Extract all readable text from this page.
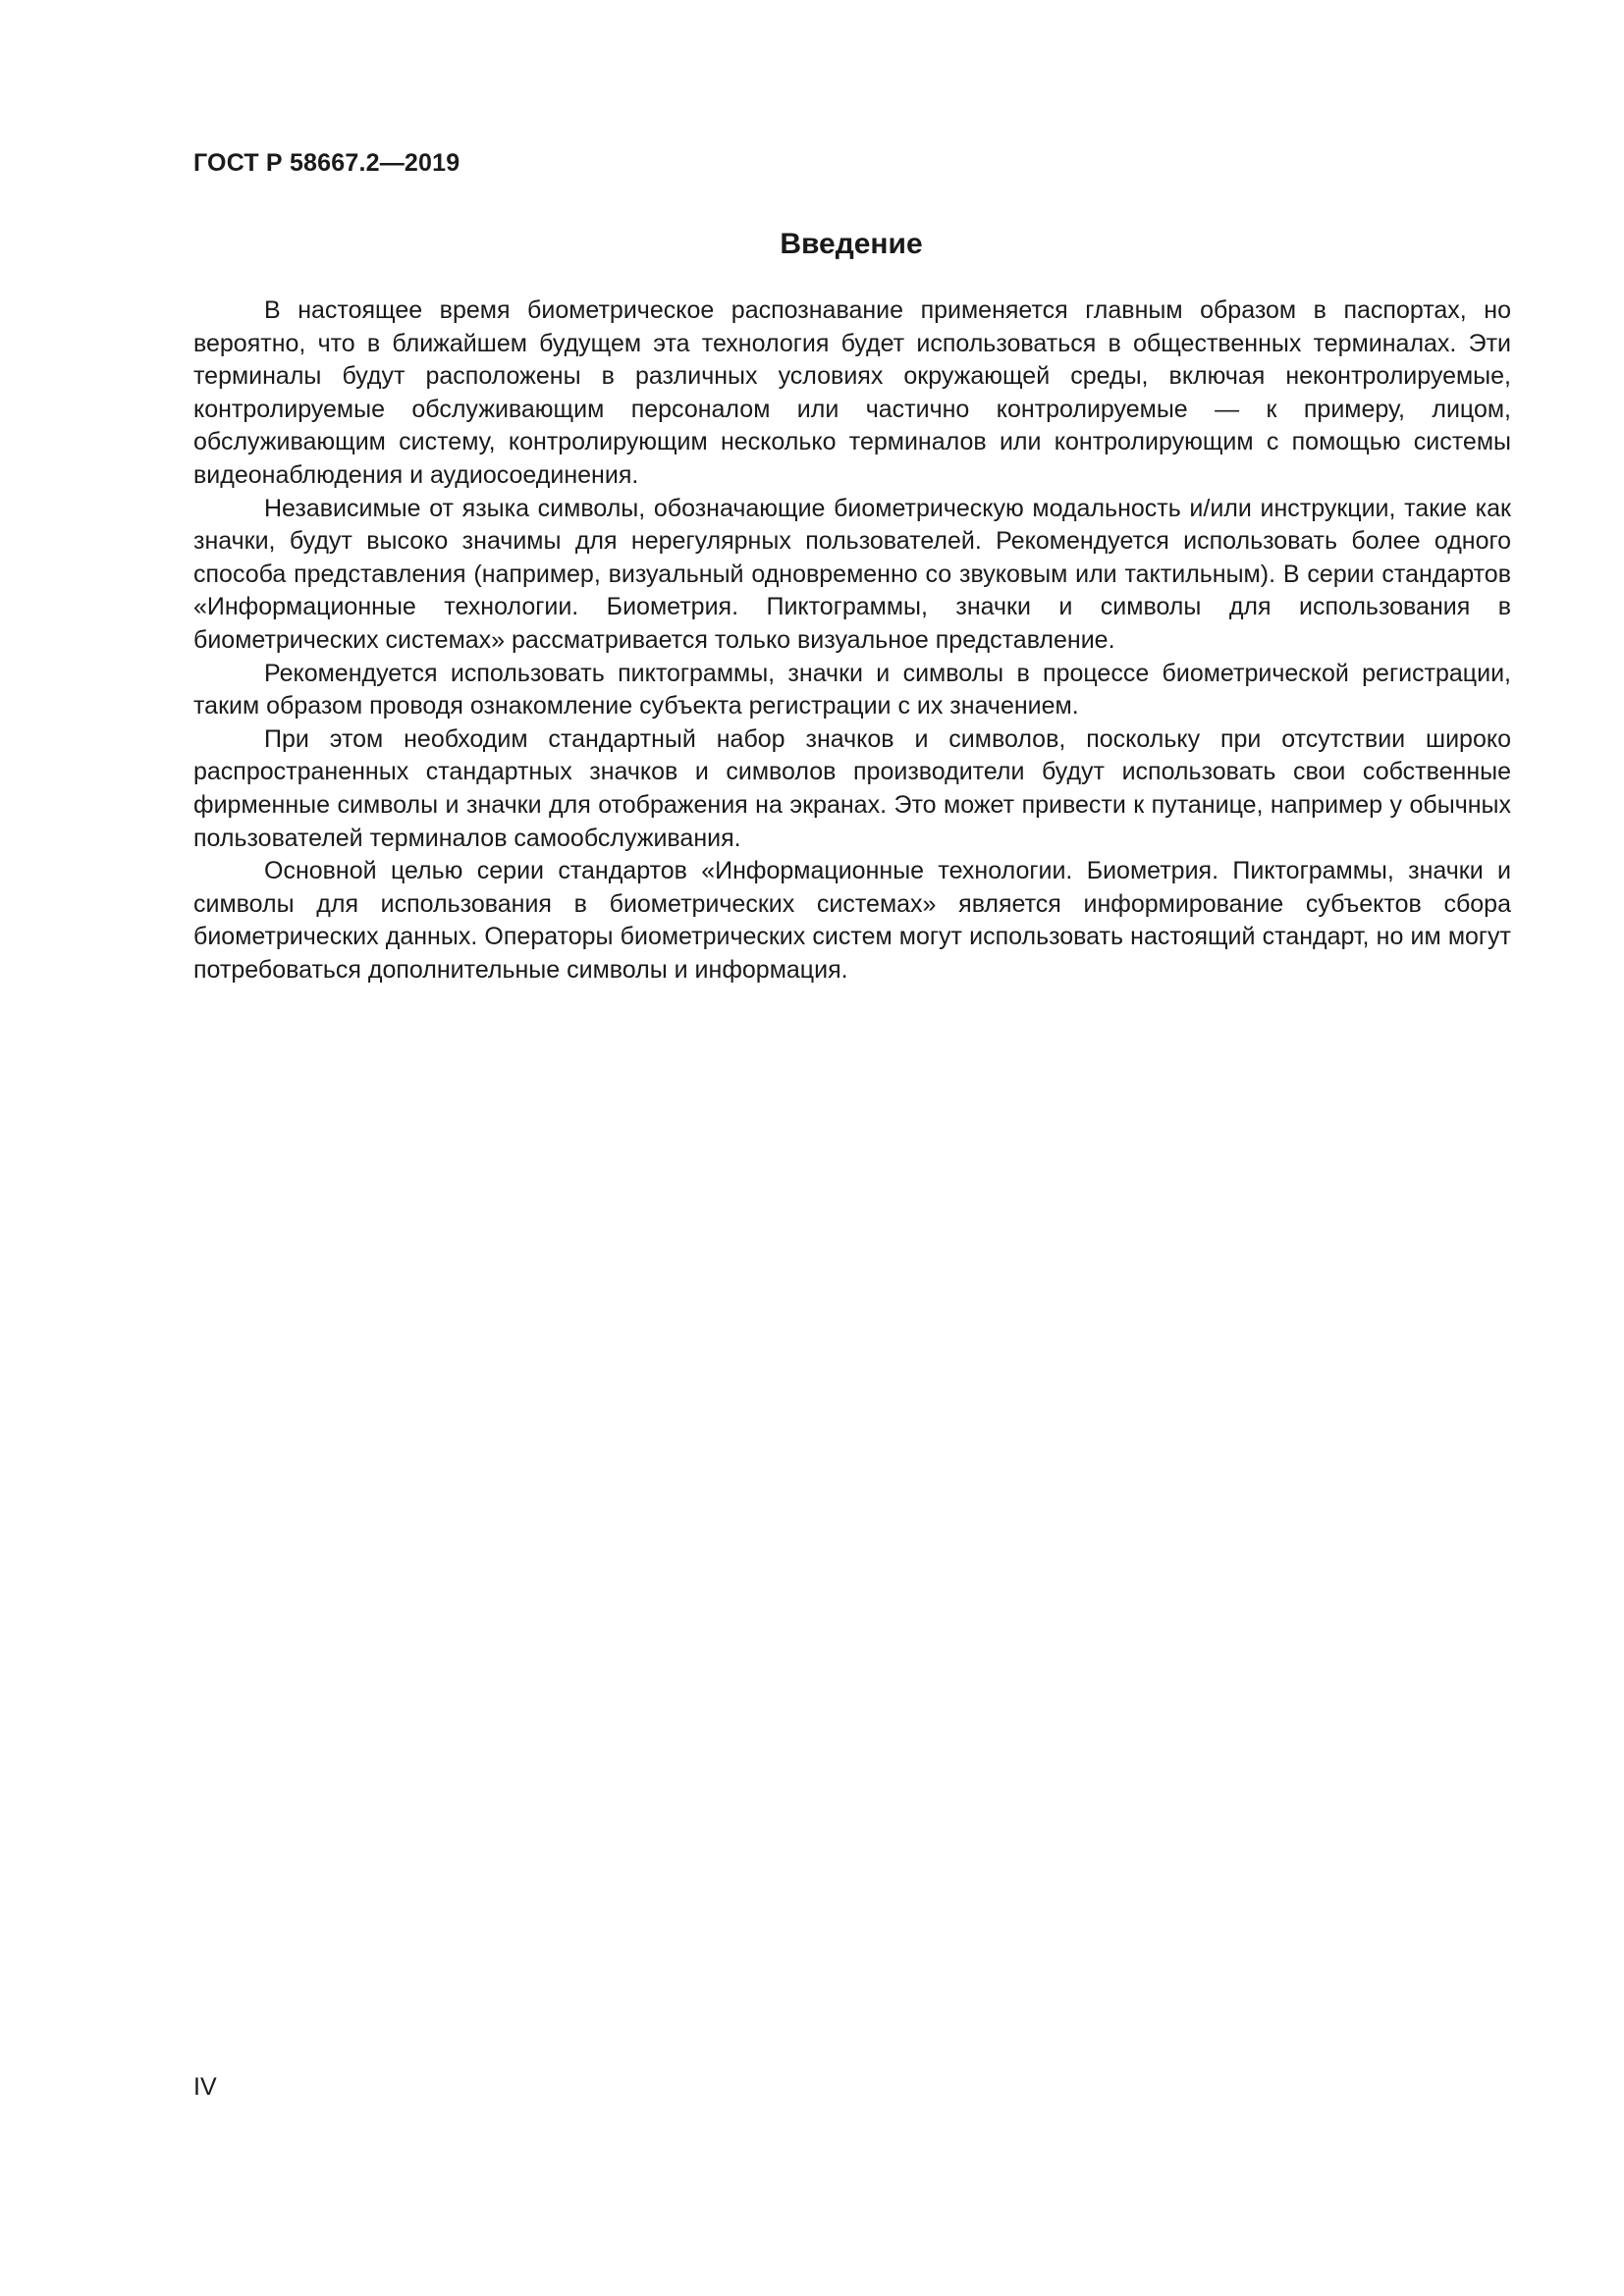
ГОСТ Р 58667.2—2019

Введение

В настоящее время биометрическое распознавание применяется главным образом в паспортах, но вероятно, что в ближайшем будущем эта технология будет использоваться в общественных терминалах. Эти терминалы будут расположены в различных условиях окружающей среды, включая неконтролируемые, контролируемые обслуживающим персоналом или частично контролируемые — к примеру, лицом, обслуживающим систему, контролирующим несколько терминалов или контролирующим с помощью системы видеонаблюдения и аудиосоединения.

Независимые от языка символы, обозначающие биометрическую модальность и/или инструкции, такие как значки, будут высоко значимы для нерегулярных пользователей. Рекомендуется использовать более одного способа представления (например, визуальный одновременно со звуковым или тактильным). В серии стандартов «Информационные технологии. Биометрия. Пиктограммы, значки и символы для использования в биометрических системах» рассматривается только визуальное представление.

Рекомендуется использовать пиктограммы, значки и символы в процессе биометрической регистрации, таким образом проводя ознакомление субъекта регистрации с их значением.

При этом необходим стандартный набор значков и символов, поскольку при отсутствии широко распространенных стандартных значков и символов производители будут использовать свои собственные фирменные символы и значки для отображения на экранах. Это может привести к путанице, например у обычных пользователей терминалов самообслуживания.

Основной целью серии стандартов «Информационные технологии. Биометрия. Пиктограммы, значки и символы для использования в биометрических системах» является информирование субъектов сбора биометрических данных. Операторы биометрических систем могут использовать настоящий стандарт, но им могут потребоваться дополнительные символы и информация.

IV
